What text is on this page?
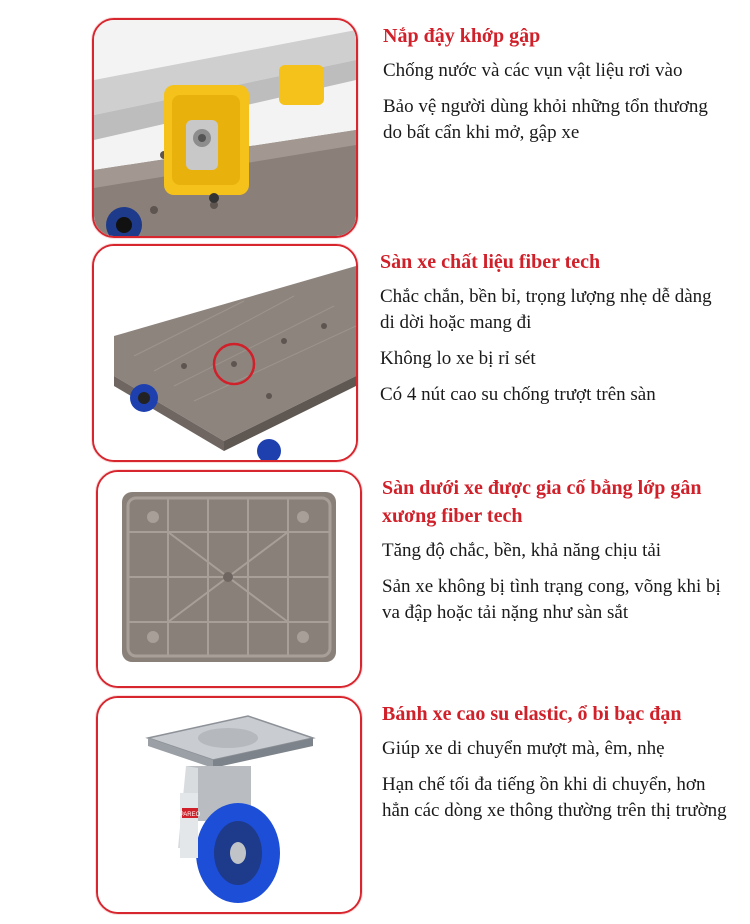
Nắp đậy khớp gập

Chống nước và các vụn vật liệu rơi vào

Bảo vệ người dùng khỏi những tổn thương do bất cẩn khi mở, gập xe

Sàn xe chất liệu fiber tech

Chắc chắn, bền bỉ, trọng lượng nhẹ dễ dàng di dời hoặc mang đi

Không lo xe bị rỉ sét

Có 4 nút cao su chống trượt trên sàn

Sàn dưới xe được gia cố bằng lớp gân xương fiber tech

Tăng độ chắc, bền, khả năng chịu tải

Sản xe không bị tình trạng cong, võng khi bị va đập hoặc tải nặng như sàn sắt

PAREO
Bánh xe cao su elastic, ổ bi bạc đạn

Giúp xe di chuyển mượt mà, êm, nhẹ

Hạn chế tối đa tiếng ồn khi di chuyển, hơn hẳn các dòng xe thông thường trên thị trường
